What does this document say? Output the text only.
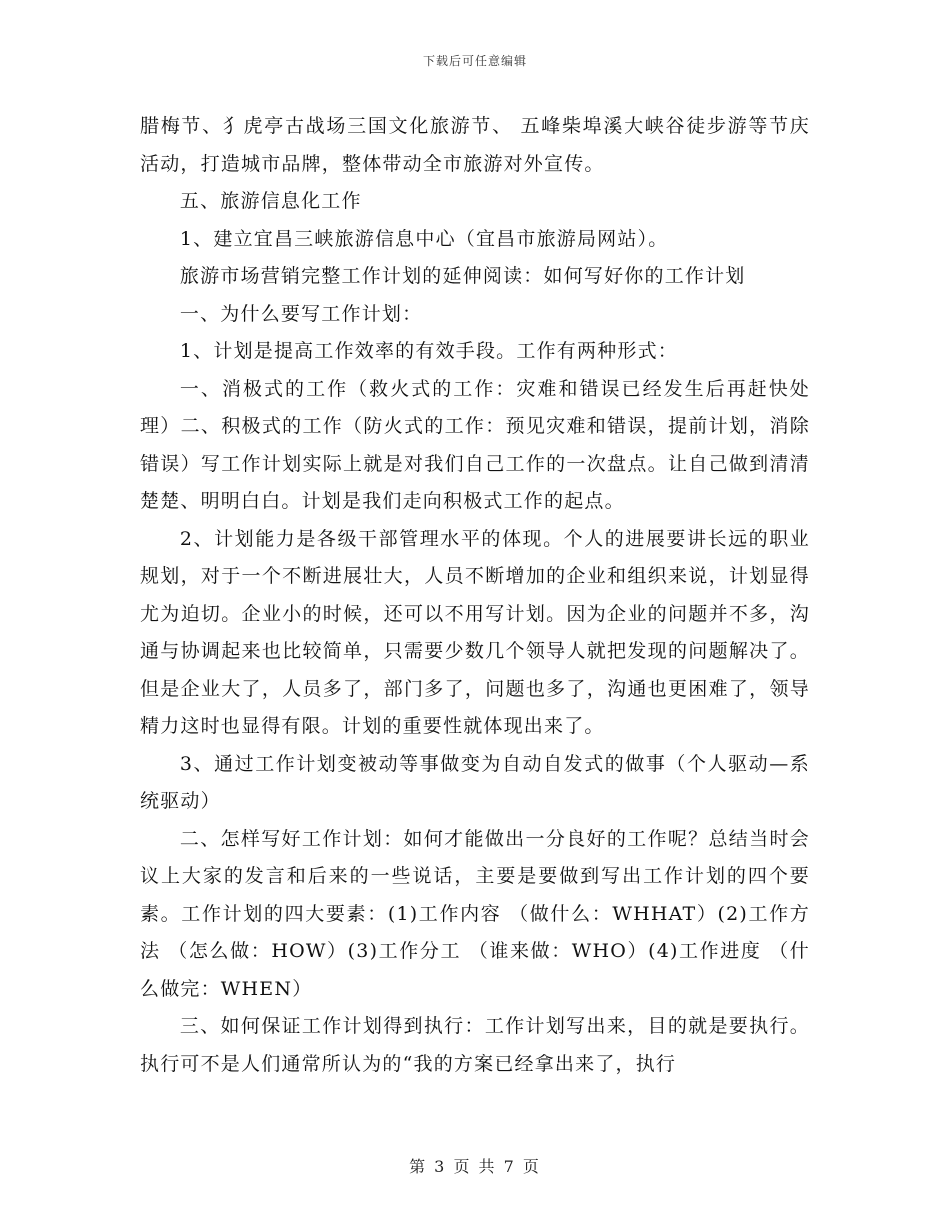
下载后可任意编辑

腊梅节、犭虎亭古战场三国文化旅游节、 五峰柴埠溪大峡谷徒步游等节庆活动，打造城市品牌，整体带动全市旅游对外宣传。

五、旅游信息化工作

1、建立宜昌三峡旅游信息中心（宜昌市旅游局网站）。

旅游市场营销完整工作计划的延伸阅读：如何写好你的工作计划

一、为什么要写工作计划：

1、计划是提高工作效率的有效手段。工作有两种形式：

一、消极式的工作（救火式的工作：灾难和错误已经发生后再赶快处理）二、积极式的工作（防火式的工作：预见灾难和错误，提前计划，消除错误）写工作计划实际上就是对我们自己工作的一次盘点。让自己做到清清楚楚、明明白白。计划是我们走向积极式工作的起点。

2、计划能力是各级干部管理水平的体现。个人的进展要讲长远的职业规划，对于一个不断进展壮大，人员不断增加的企业和组织来说，计划显得尤为迫切。企业小的时候，还可以不用写计划。因为企业的问题并不多，沟通与协调起来也比较简单，只需要少数几个领导人就把发现的问题解决了。但是企业大了，人员多了，部门多了，问题也多了，沟通也更困难了，领导精力这时也显得有限。计划的重要性就体现出来了。

3、通过工作计划变被动等事做变为自动自发式的做事（个人驱动—系统驱动）

二、怎样写好工作计划：如何才能做出一分良好的工作呢？总结当时会议上大家的发言和后来的一些说话，主要是要做到写出工作计划的四个要素。工作计划的四大要素：(1)工作内容 （做什么：WHHAT）(2)工作方法 （怎么做：HOW）(3)工作分工 （谁来做：WHO）(4)工作进度 （什么做完：WHEN）

三、如何保证工作计划得到执行：工作计划写出来，目的就是要执行。执行可不是人们通常所认为的“我的方案已经拿出来了，执行

第 3 页 共 7 页
